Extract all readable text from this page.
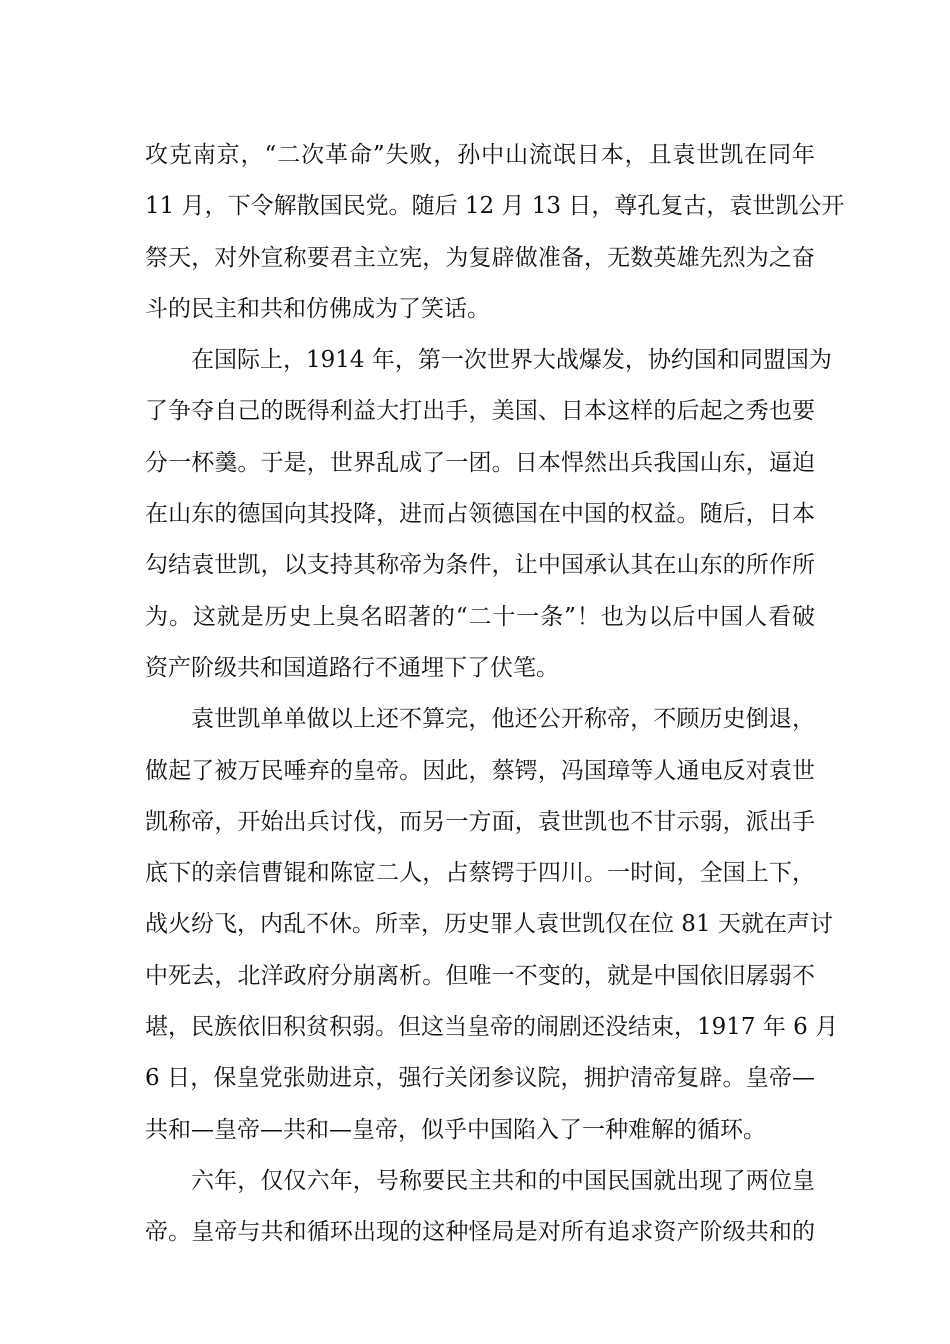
攻克南京，“二次革命”失败，孙中山流氓日本，且袁世凯在同年
11 月，下令解散国民党。随后 12 月 13 日，尊孔复古，袁世凯公开
祭天，对外宣称要君主立宪，为复辟做准备，无数英雄先烈为之奋
斗的民主和共和仿佛成为了笑话。
在国际上，1914 年，第一次世界大战爆发，协约国和同盟国为
了争夺自己的既得利益大打出手，美国、日本这样的后起之秀也要
分一杯羹。于是，世界乱成了一团。日本悍然出兵我国山东，逼迫
在山东的德国向其投降，进而占领德国在中国的权益。随后，日本
勾结袁世凯，以支持其称帝为条件，让中国承认其在山东的所作所
为。这就是历史上臭名昭著的“二十一条”！也为以后中国人看破
资产阶级共和国道路行不通埋下了伏笔。
袁世凯单单做以上还不算完，他还公开称帝，不顾历史倒退，
做起了被万民唾弃的皇帝。因此，蔡锷，冯国璋等人通电反对袁世
凯称帝，开始出兵讨伐，而另一方面，袁世凯也不甘示弱，派出手
底下的亲信曹锟和陈宧二人，占蔡锷于四川。一时间，全国上下，
战火纷飞，内乱不休。所幸，历史罪人袁世凯仅在位 81 天就在声讨
中死去，北洋政府分崩离析。但唯一不变的，就是中国依旧孱弱不
堪，民族依旧积贫积弱。但这当皇帝的闹剧还没结束，1917 年 6 月
6 日，保皇党张勋进京，强行关闭参议院，拥护清帝复辟。皇帝—
共和—皇帝—共和—皇帝，似乎中国陷入了一种难解的循环。
六年，仅仅六年，号称要民主共和的中国民国就出现了两位皇
帝。皇帝与共和循环出现的这种怪局是对所有追求资产阶级共和的
